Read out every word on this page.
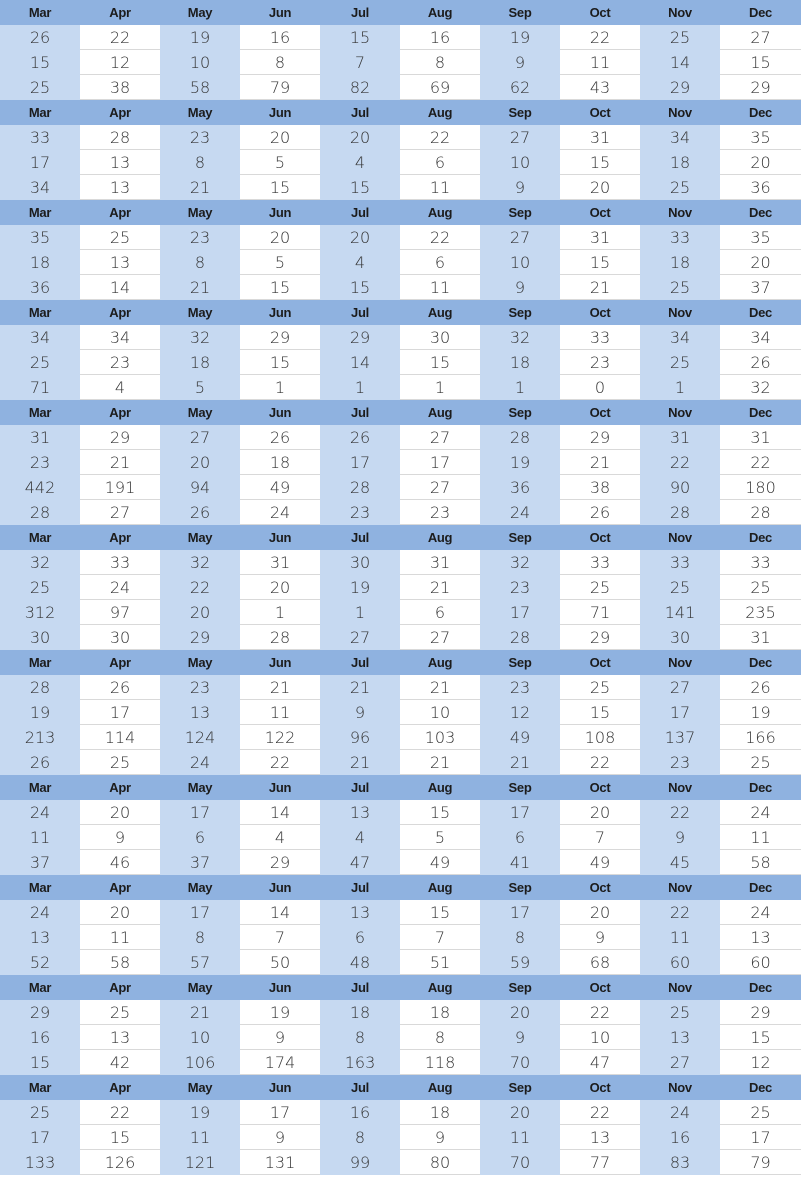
Mar	Apr	May	Jun	Jul	Aug	Sep	Oct	Nov	Dec
26	22	19	16	15	16	19	22	25	27
15	12	10	8	7	8	9	11	14	15
25	38	58	79	82	69	62	43	29	29
Mar	Apr	May	Jun	Jul	Aug	Sep	Oct	Nov	Dec
33	28	23	20	20	22	27	31	34	35
17	13	8	5	4	6	10	15	18	20
34	13	21	15	15	11	9	20	25	36
Mar	Apr	May	Jun	Jul	Aug	Sep	Oct	Nov	Dec
35	25	23	20	20	22	27	31	33	35
18	13	8	5	4	6	10	15	18	20
36	14	21	15	15	11	9	21	25	37
Mar	Apr	May	Jun	Jul	Aug	Sep	Oct	Nov	Dec
34	34	32	29	29	30	32	33	34	34
25	23	18	15	14	15	18	23	25	26
71	4	5	1	1	1	1	0	1	32
Mar	Apr	May	Jun	Jul	Aug	Sep	Oct	Nov	Dec
31	29	27	26	26	27	28	29	31	31
23	21	20	18	17	17	19	21	22	22
442	191	94	49	28	27	36	38	90	180
28	27	26	24	23	23	24	26	28	28
Mar	Apr	May	Jun	Jul	Aug	Sep	Oct	Nov	Dec
32	33	32	31	30	31	32	33	33	33
25	24	22	20	19	21	23	25	25	25
312	97	20	1	1	6	17	71	141	235
30	30	29	28	27	27	28	29	30	31
Mar	Apr	May	Jun	Jul	Aug	Sep	Oct	Nov	Dec
28	26	23	21	21	21	23	25	27	26
19	17	13	11	9	10	12	15	17	19
213	114	124	122	96	103	49	108	137	166
26	25	24	22	21	21	21	22	23	25
Mar	Apr	May	Jun	Jul	Aug	Sep	Oct	Nov	Dec
24	20	17	14	13	15	17	20	22	24
11	9	6	4	4	5	6	7	9	11
37	46	37	29	47	49	41	49	45	58
Mar	Apr	May	Jun	Jul	Aug	Sep	Oct	Nov	Dec
24	20	17	14	13	15	17	20	22	24
13	11	8	7	6	7	8	9	11	13
52	58	57	50	48	51	59	68	60	60
Mar	Apr	May	Jun	Jul	Aug	Sep	Oct	Nov	Dec
29	25	21	19	18	18	20	22	25	29
16	13	10	9	8	8	9	10	13	15
15	42	106	174	163	118	70	47	27	12
Mar	Apr	May	Jun	Jul	Aug	Sep	Oct	Nov	Dec
25	22	19	17	16	18	20	22	24	25
17	15	11	9	8	9	11	13	16	17
133	126	121	131	99	80	70	77	83	79
